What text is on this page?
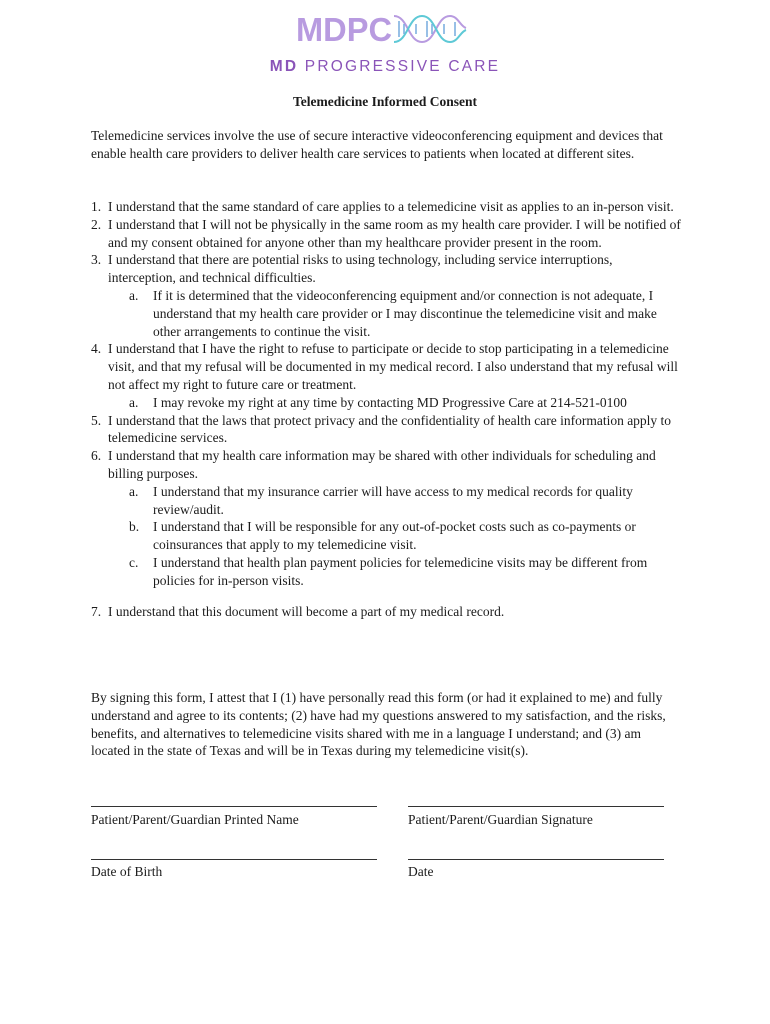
MDPC
MD PROGRESSIVE CARE
Telemedicine Informed Consent

Telemedicine services involve the use of secure interactive videoconferencing equipment and devices that enable health care providers to deliver health care services to patients when located at different sites.

1. I understand that the same standard of care applies to a telemedicine visit as applies to an in-person visit.
2. I understand that I will not be physically in the same room as my health care provider. I will be notified of and my consent obtained for anyone other than my healthcare provider present in the room.
3. I understand that there are potential risks to using technology, including service interruptions, interception, and technical difficulties.
a. If it is determined that the videoconferencing equipment and/or connection is not adequate, I understand that my health care provider or I may discontinue the telemedicine visit and make other arrangements to continue the visit.
4. I understand that I have the right to refuse to participate or decide to stop participating in a telemedicine visit, and that my refusal will be documented in my medical record. I also understand that my refusal will not affect my right to future care or treatment.
a. I may revoke my right at any time by contacting MD Progressive Care at 214-521-0100
5. I understand that the laws that protect privacy and the confidentiality of health care information apply to telemedicine services.
6. I understand that my health care information may be shared with other individuals for scheduling and billing purposes.
a. I understand that my insurance carrier will have access to my medical records for quality review/audit.
b. I understand that I will be responsible for any out-of-pocket costs such as co-payments or coinsurances that apply to my telemedicine visit.
c. I understand that health plan payment policies for telemedicine visits may be different from policies for in-person visits.
7. I understand that this document will become a part of my medical record.

By signing this form, I attest that I (1) have personally read this form (or had it explained to me) and fully understand and agree to its contents; (2) have had my questions answered to my satisfaction, and the risks, benefits, and alternatives to telemedicine visits shared with me in a language I understand; and (3) am located in the state of Texas and will be in Texas during my telemedicine visit(s).

Patient/Parent/Guardian Printed Name	Patient/Parent/Guardian Signature
Date of Birth	Date
